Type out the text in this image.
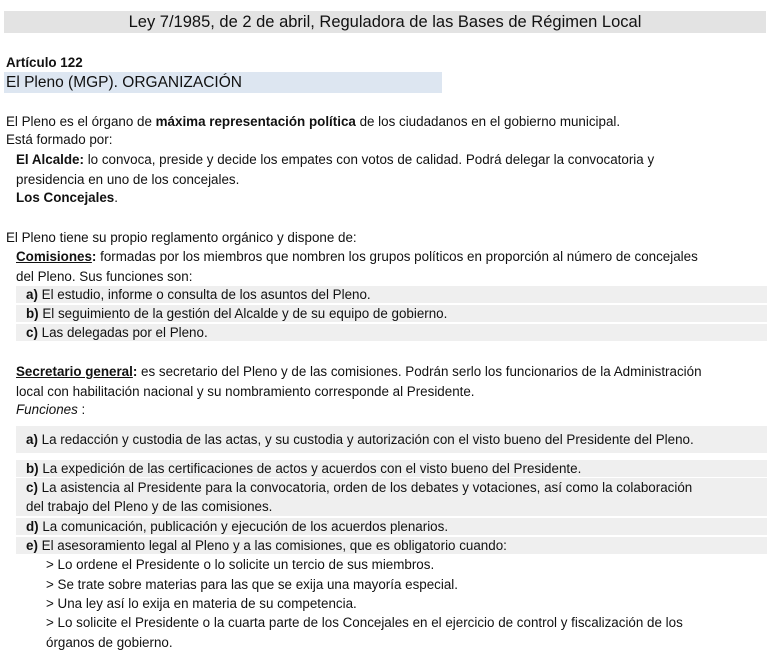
Ley 7/1985, de 2 de abril, Reguladora de las Bases de Régimen Local
Artículo 122
El Pleno (MGP). ORGANIZACIÓN
El Pleno es el órgano de máxima representación política de los ciudadanos en el gobierno municipal.
Está formado por:
El Alcalde: lo convoca, preside y decide los empates con votos de calidad. Podrá delegar la convocatoria y
presidencia en uno de los concejales.
Los Concejales.
El Pleno tiene su propio reglamento orgánico y dispone de:
Comisiones: formadas por los miembros que nombren los grupos políticos en proporción al número de concejales
del Pleno. Sus funciones son:
a) El estudio, informe o consulta de los asuntos del Pleno.
b) El seguimiento de la gestión del Alcalde y de su equipo de gobierno.
c) Las delegadas por el Pleno.
Secretario general: es secretario del Pleno y de las comisiones. Podrán serlo los funcionarios de la Administración
local con habilitación nacional y su nombramiento corresponde al Presidente.
Funciones :
a) La redacción y custodia de las actas, y su custodia y autorización con el visto bueno del Presidente del Pleno.
b) La expedición de las certificaciones de actos y acuerdos con el visto bueno del Presidente.
c) La asistencia al Presidente para la convocatoria, orden de los debates y votaciones, así como la colaboración
del trabajo del Pleno y de las comisiones.
d) La comunicación, publicación y ejecución de los acuerdos plenarios.
e) El asesoramiento legal al Pleno y a las comisiones, que es obligatorio cuando:
> Lo ordene el Presidente o lo solicite un tercio de sus miembros.
> Se trate sobre materias para las que se exija una mayoría especial.
> Una ley así lo exija en materia de su competencia.
> Lo solicite el Presidente o la cuarta parte de los Concejales en el ejercicio de control y fiscalización de los
órganos de gobierno.
